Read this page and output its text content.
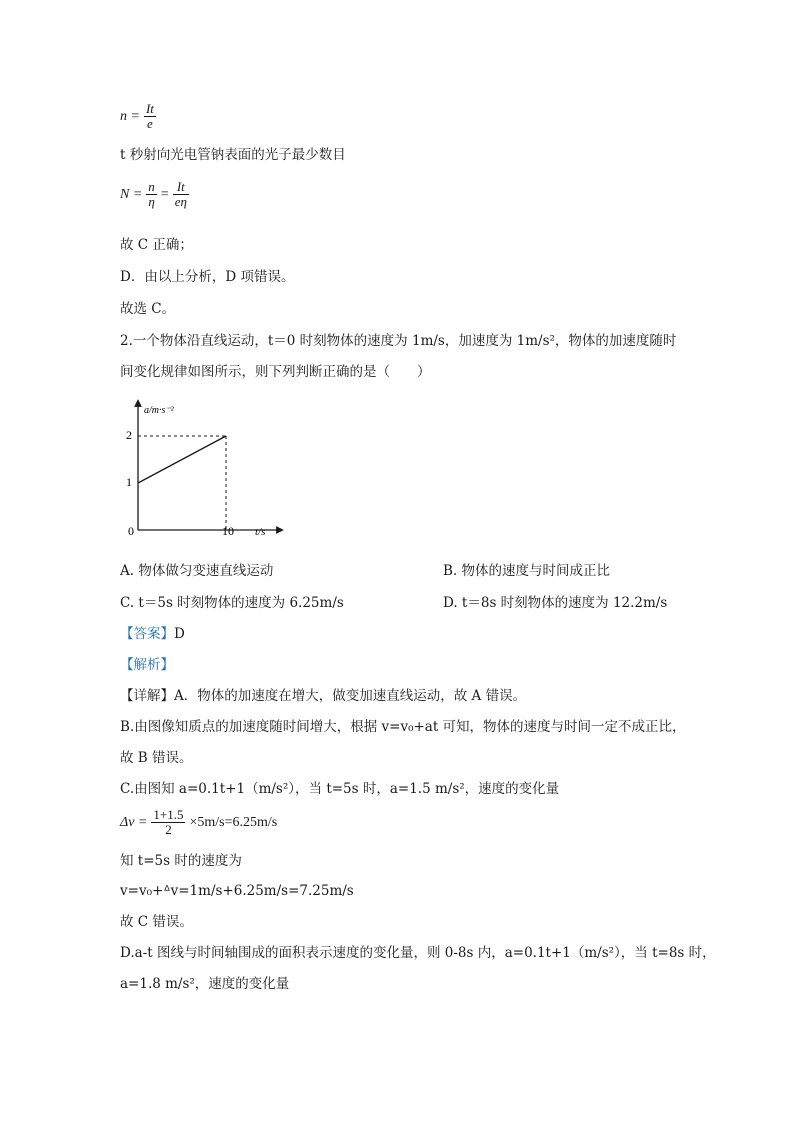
$n = \frac{It}{e}$
t 秒射向光电管钠表面的光子最少数目
$N = \frac{n}{\eta} = \frac{It}{e\eta}$
故 C 正确；
D．由以上分析，D 项错误。
故选 C。
2.一个物体沿直线运动，t＝0 时刻物体的速度为 1m/s，加速度为 1m/s²，物体的加速度随时
间变化规律如图所示，则下列判断正确的是（　　）
1
2
0	10
a/m·s⁻²
t/s
A. 物体做匀变速直线运动	B. 物体的速度与时间成正比
C. t＝5s 时刻物体的速度为 6.25m/s	D. t＝8s 时刻物体的速度为 12.2m/s
【答案】D
【解析】
【详解】A．物体的加速度在增大，做变加速直线运动，故 A 错误。
B.由图像知质点的加速度随时间增大，根据 v=v₀+at 可知，物体的速度与时间一定不成正比，
故 B 错误。
C.由图知 a=0.1t+1（m/s²），当 t=5s 时，a=1.5 m/s²，速度的变化量
$\Delta v = \frac{1+1.5}{2} \times 5m/s=6.25m/s$
知 t=5s 时的速度为
v=v₀+ᐞv=1m/s+6.25m/s=7.25m/s
故 C 错误。
D.a-t 图线与时间轴围成的面积表示速度的变化量，则 0-8s 内，a=0.1t+1（m/s²），当 t=8s 时，
a=1.8 m/s²，速度的变化量
